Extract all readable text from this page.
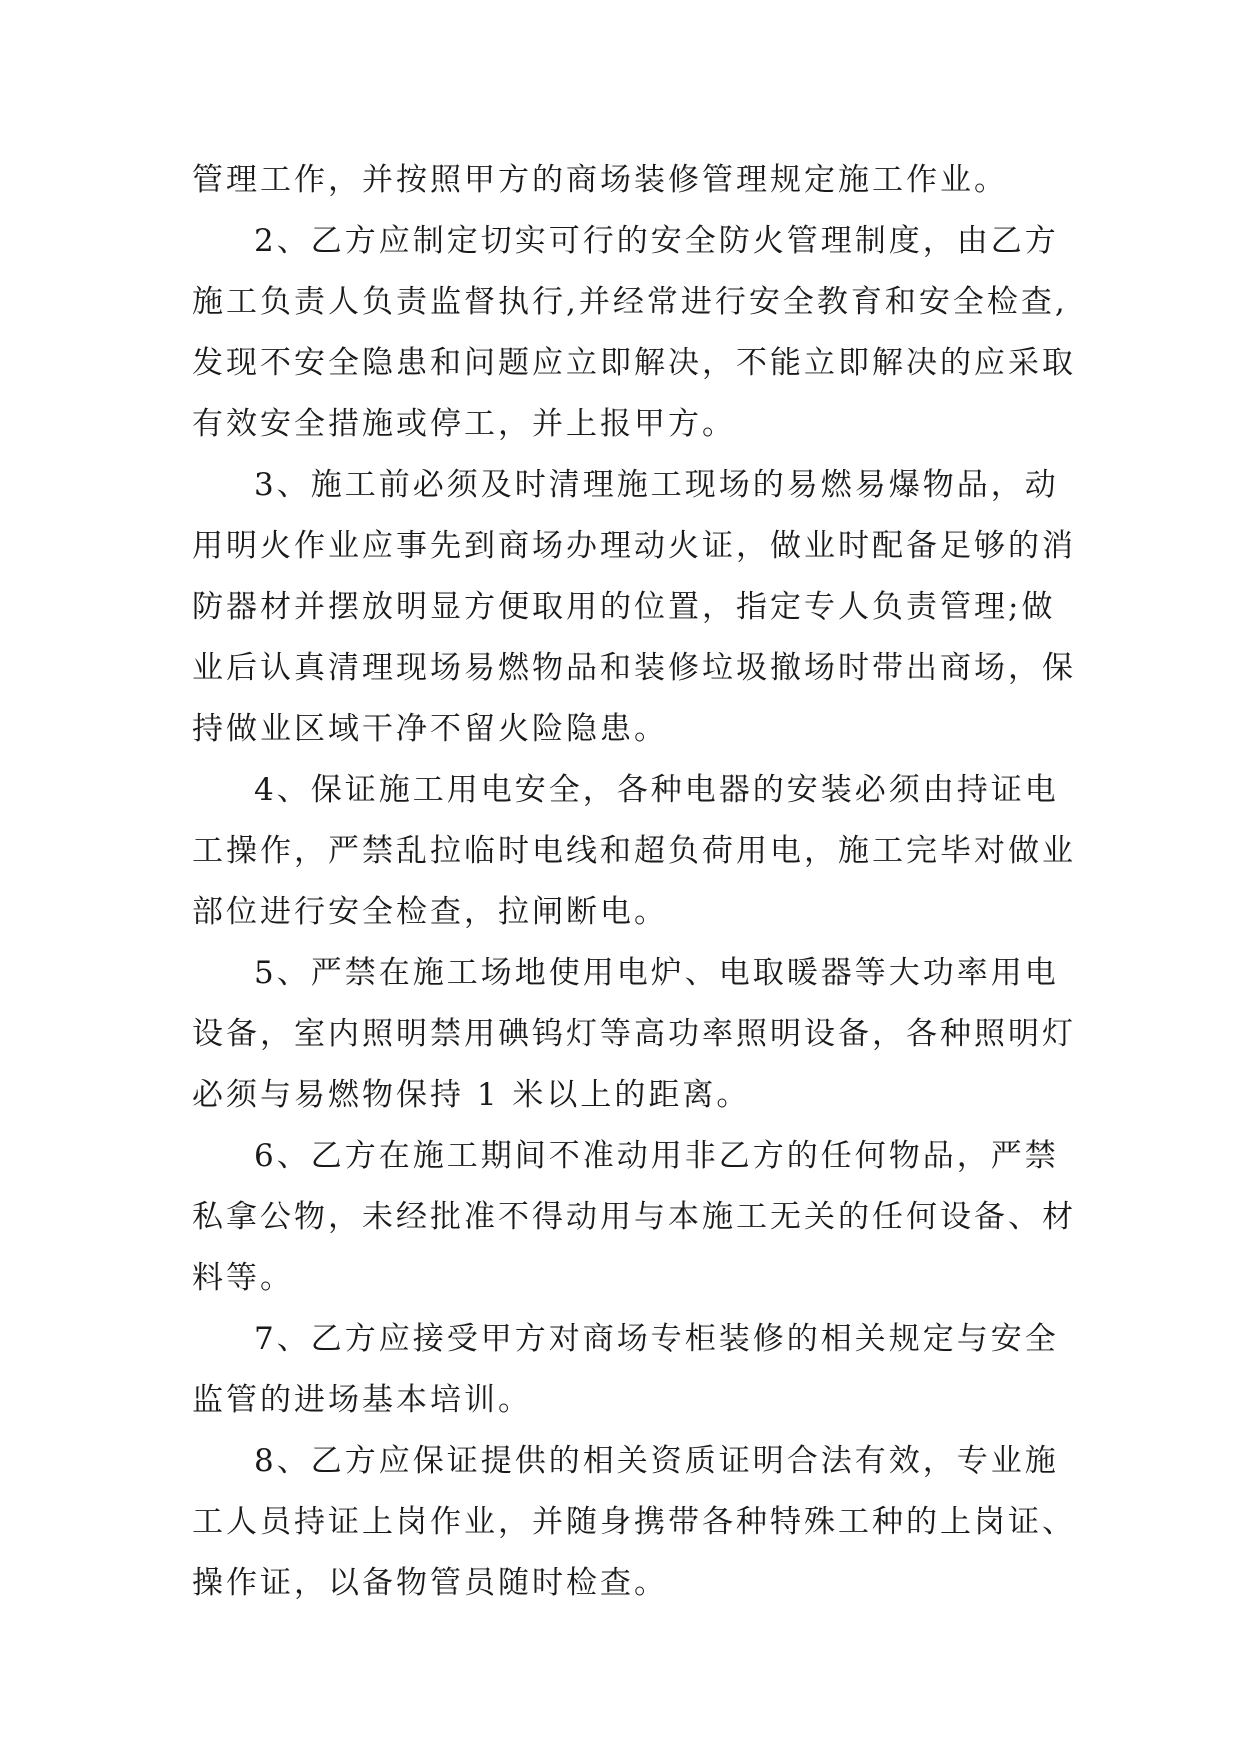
管理工作，并按照甲方的商场装修管理规定施工作业。
2、乙方应制定切实可行的安全防火管理制度，由乙方
施工负责人负责监督执行,并经常进行安全教育和安全检查,
发现不安全隐患和问题应立即解决，不能立即解决的应采取
有效安全措施或停工，并上报甲方。
3、施工前必须及时清理施工现场的易燃易爆物品，动
用明火作业应事先到商场办理动火证，做业时配备足够的消
防器材并摆放明显方便取用的位置，指定专人负责管理;做
业后认真清理现场易燃物品和装修垃圾撤场时带出商场，保
持做业区域干净不留火险隐患。
4、保证施工用电安全，各种电器的安装必须由持证电
工操作，严禁乱拉临时电线和超负荷用电，施工完毕对做业
部位进行安全检查，拉闸断电。
5、严禁在施工场地使用电炉、电取暖器等大功率用电
设备，室内照明禁用碘钨灯等高功率照明设备，各种照明灯
必须与易燃物保持 1 米以上的距离。
6、乙方在施工期间不准动用非乙方的任何物品，严禁
私拿公物，未经批准不得动用与本施工无关的任何设备、材
料等。
7、乙方应接受甲方对商场专柜装修的相关规定与安全
监管的进场基本培训。
8、乙方应保证提供的相关资质证明合法有效，专业施
工人员持证上岗作业，并随身携带各种特殊工种的上岗证、
操作证，以备物管员随时检查。
